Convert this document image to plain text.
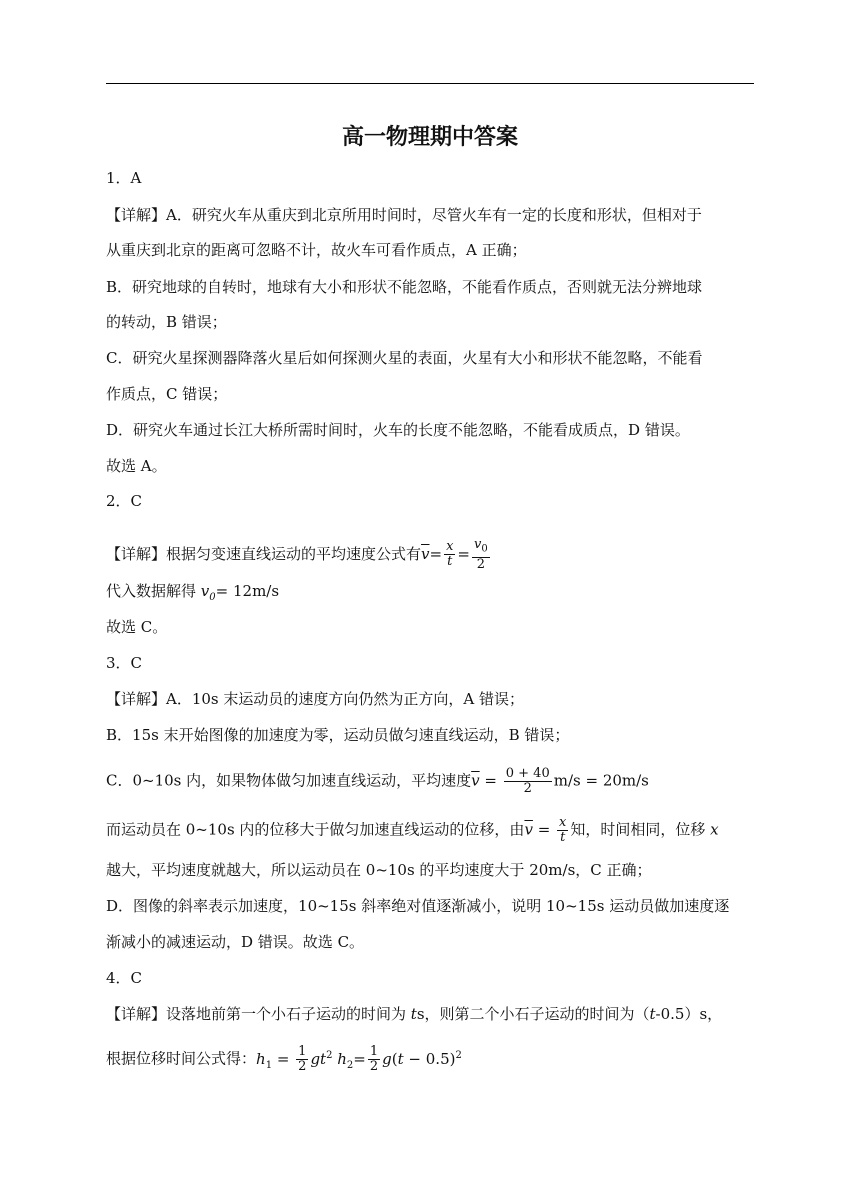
高一物理期中答案
1．A
【详解】A．研究火车从重庆到北京所用时间时，尽管火车有一定的长度和形状，但相对于
从重庆到北京的距离可忽略不计，故火车可看作质点，A 正确；
B．研究地球的自转时，地球有大小和形状不能忽略，不能看作质点，否则就无法分辨地球
的转动，B 错误；
C．研究火星探测器降落火星后如何探测火星的表面，火星有大小和形状不能忽略，不能看
作质点，C 错误；
D．研究火车通过长江大桥所需时间时，火车的长度不能忽略，不能看成质点，D 错误。
故选 A。
2．C
【详解】根据匀变速直线运动的平均速度公式有$\overline{v}= \frac{x}{t} = \frac{v_0}{2}$
代入数据解得 $v_0= 12m/s$
故选 C。
3．C
【详解】A．10s 末运动员的速度方向仍然为正方向，A 错误；
B．15s 末开始图像的加速度为零，运动员做匀速直线运动，B 错误；
C．0~10s 内，如果物体做匀加速直线运动，平均速度$\overline{v} = \frac{0 + 40}{2} m/s = 20m/s$
而运动员在 0~10s 内的位移大于做匀加速直线运动的位移，由$\overline{v} = \frac{x}{t}$ 知，时间相同，位移 x
越大，平均速度就越大，所以运动员在 0~10s 的平均速度大于 20m/s，C 正确；
D．图像的斜率表示加速度，10~15s 斜率绝对值逐渐减小，说明 10~15s 运动员做加速度逐
渐减小的减速运动，D 错误。故选 C。
4．C
【详解】设落地前第一个小石子运动的时间为 ts，则第二个小石子运动的时间为（t-0.5）s，
根据位移时间公式得：$h_1 = \frac{1}{2} gt^2$ $h_2= \frac{1}{2} g(t - 0.5)^2$
